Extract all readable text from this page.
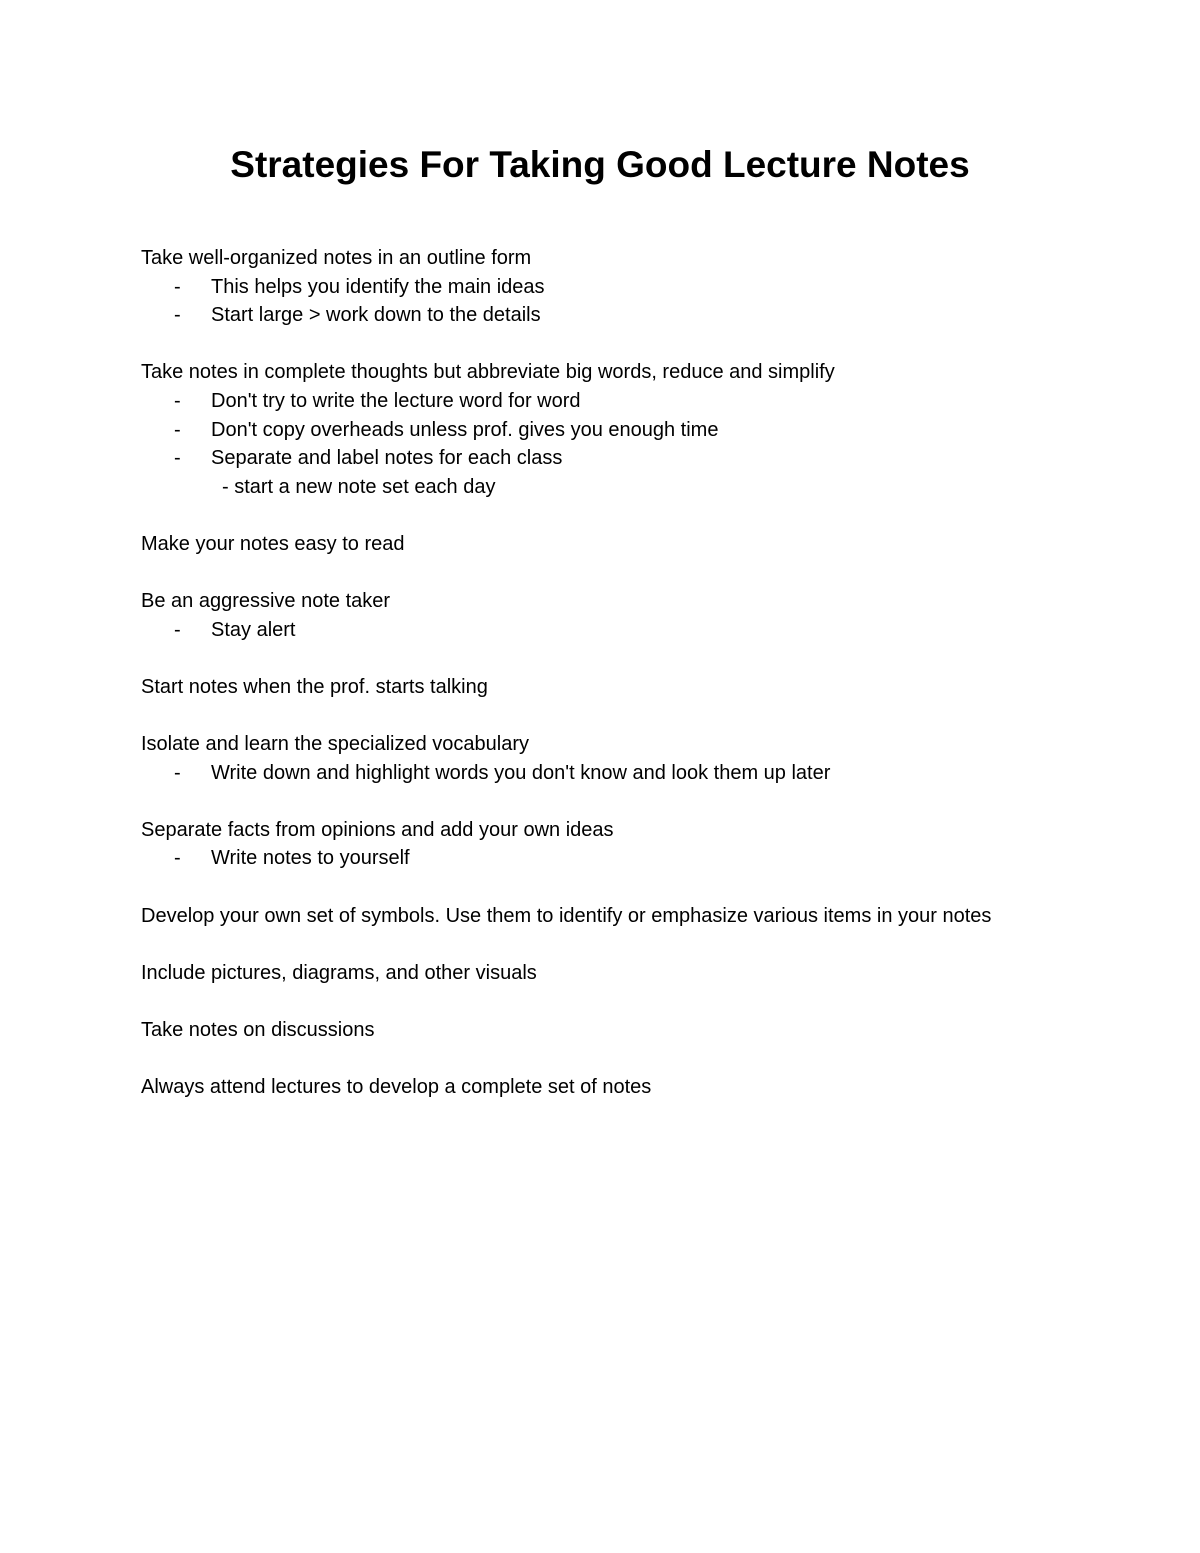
Strategies For Taking Good Lecture Notes
Take well-organized notes in an outline form
- This helps you identify the main ideas
- Start large > work down to the details
Take notes in complete thoughts but abbreviate big words, reduce and simplify
- Don't try to write the lecture word for word
- Don't copy overheads unless prof. gives you enough time
- Separate and label notes for each class
- start a new note set each day
Make your notes easy to read
Be an aggressive note taker
- Stay alert
Start notes when the prof. starts talking
Isolate and learn the specialized vocabulary
- Write down and highlight words you don't know and look them up later
Separate facts from opinions and add your own ideas
- Write notes to yourself
Develop your own set of symbols. Use them to identify or emphasize various items in your notes
Include pictures, diagrams, and other visuals
Take notes on discussions
Always attend lectures to develop a complete set of notes
